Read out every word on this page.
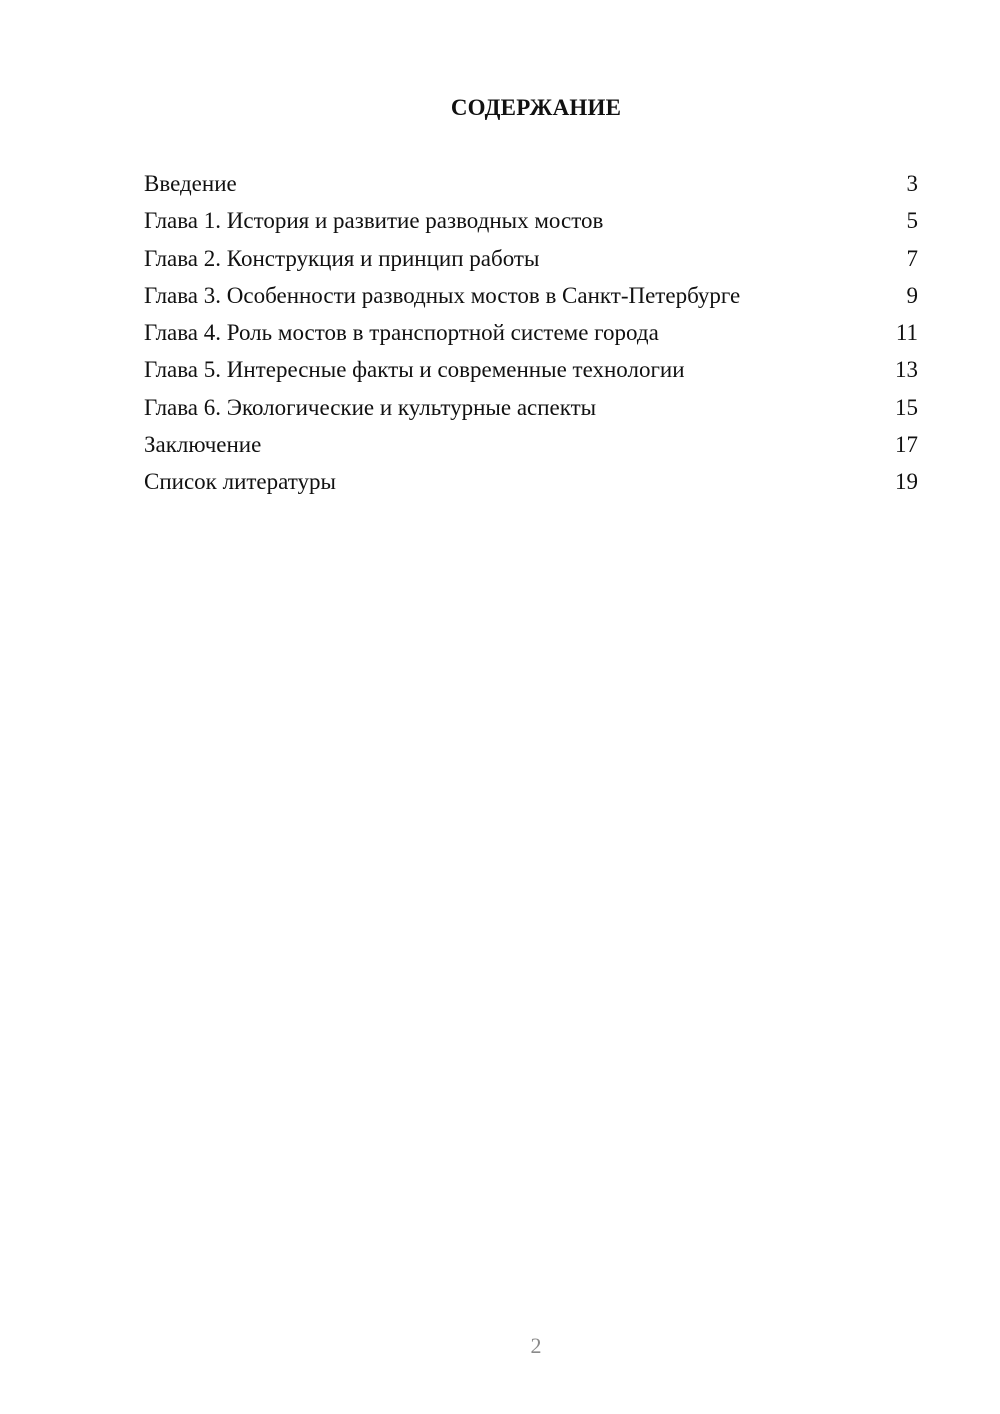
СОДЕРЖАНИЕ
Введение	3
Глава 1. История и развитие разводных мостов	5
Глава 2. Конструкция и принцип работы	7
Глава 3. Особенности разводных мостов в Санкт-Петербурге	9
Глава 4. Роль мостов в транспортной системе города	11
Глава 5. Интересные факты и современные технологии	13
Глава 6. Экологические и культурные аспекты	15
Заключение	17
Список литературы	19
2
